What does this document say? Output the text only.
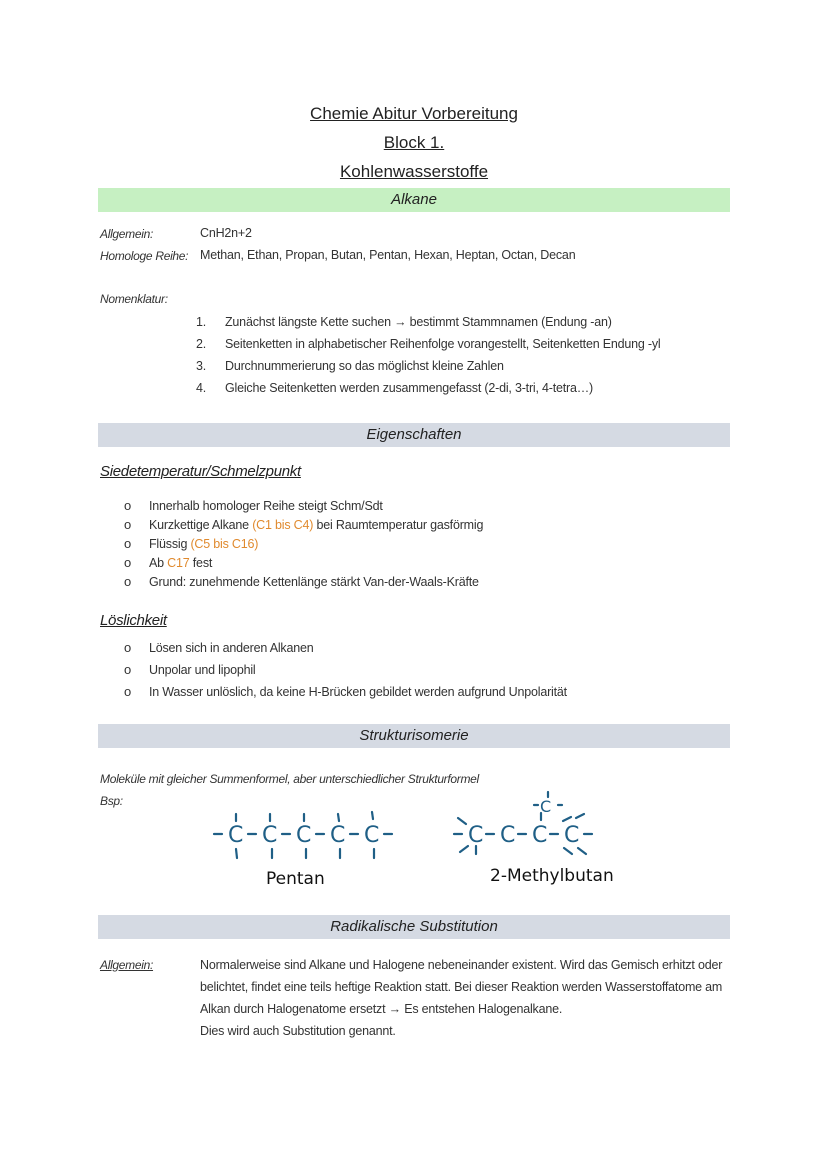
Chemie Abitur Vorbereitung
Block 1.
Kohlenwasserstoffe
Alkane
Allgemein:	CnH2n+2
Homologe Reihe: Methan, Ethan, Propan, Butan, Pentan, Hexan, Heptan, Octan, Decan
Nomenklatur:
1. Zunächst längste Kette suchen → bestimmt Stammnamen (Endung -an)
2. Seitenketten in alphabetischer Reihenfolge vorangestellt, Seitenketten Endung -yl
3. Durchnummerierung so das möglichst kleine Zahlen
4. Gleiche Seitenketten werden zusammengefasst (2-di, 3-tri, 4-tetra…)
Eigenschaften
Siedetemperatur/Schmelzpunkt
o Innerhalb homologer Reihe steigt Schm/Sdt
o Kurzkettige Alkane (C1 bis C4) bei Raumtemperatur gasförmig
o Flüssig (C5 bis C16)
o Ab C17 fest
o Grund: zunehmende Kettenlänge stärkt Van-der-Waals-Kräfte
Löslichkeit
o Lösen sich in anderen Alkanen
o Unpolar und lipophil
o In Wasser unlöslich, da keine H-Brücken gebildet werden aufgrund Unpolarität
Strukturisomerie
Moleküle mit gleicher Summenformel, aber unterschiedlicher Strukturformel
Bsp:
C C C C C	C C C C
C
Pentan	2-Methylbutan
Radikalische Substitution
Allgemein:	Normalerweise sind Alkane und Halogene nebeneinander existent. Wird das Gemisch erhitzt oder

belichtet, findet eine teils heftige Reaktion statt. Bei dieser Reaktion werden Wasserstoffatome am

Alkan durch Halogenatome ersetzt → Es entstehen Halogenalkane.

Dies wird auch Substitution genannt.
